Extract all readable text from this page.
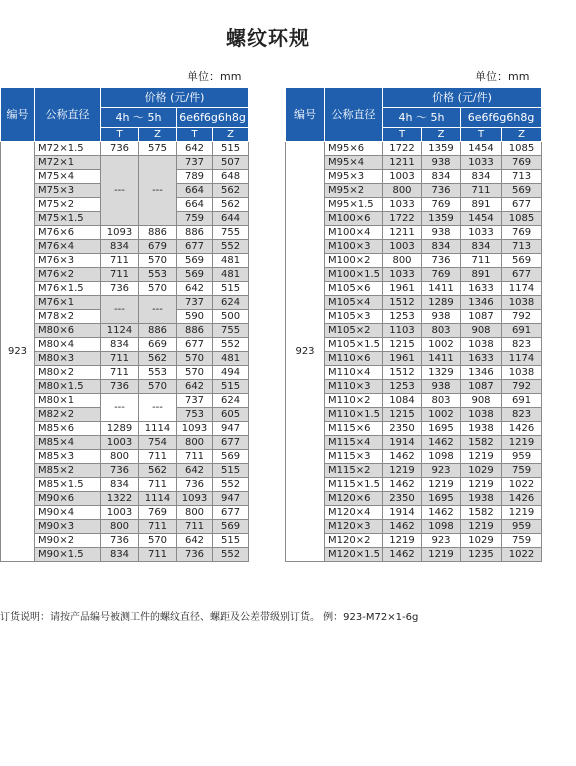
螺纹环规
单位：mm	单位：mm
编号	公称直径	价格 (元/件)			
		4h ～ 5h		6e6f6g6h8g	
		T	Z	T	Z
923	M72×1.5	736	575	642	515
	M72×1	---	---	737	507
	M75×4			789	648
	M75×3			664	562
	M75×2			664	562
	M75×1.5			759	644
	M76×6	1093	886	886	755
	M76×4	834	679	677	552
	M76×3	711	570	569	481
	M76×2	711	553	569	481
	M76×1.5	736	570	642	515
	M76×1	---	---	737	624
	M78×2			590	500
	M80×6	1124	886	886	755
	M80×4	834	669	677	552
	M80×3	711	562	570	481
	M80×2	711	553	570	494
	M80×1.5	736	570	642	515
	M80×1	---	---	737	624
	M82×2			753	605
	M85×6	1289	1114	1093	947
	M85×4	1003	754	800	677
	M85×3	800	711	711	569
	M85×2	736	562	642	515
	M85×1.5	834	711	736	552
	M90×6	1322	1114	1093	947
	M90×4	1003	769	800	677
	M90×3	800	711	711	569
	M90×2	736	570	642	515
	M90×1.5	834	711	736	552
编号	公称直径	价格 (元/件)			
		4h ～ 5h		6e6f6g6h8g	
		T	Z	T	Z
923	M95×6	1722	1359	1454	1085
	M95×4	1211	938	1033	769
	M95×3	1003	834	834	713
	M95×2	800	736	711	569
	M95×1.5	1033	769	891	677
	M100×6	1722	1359	1454	1085
	M100×4	1211	938	1033	769
	M100×3	1003	834	834	713
	M100×2	800	736	711	569
	M100×1.5	1033	769	891	677
	M105×6	1961	1411	1633	1174
	M105×4	1512	1289	1346	1038
	M105×3	1253	938	1087	792
	M105×2	1103	803	908	691
	M105×1.5	1215	1002	1038	823
	M110×6	1961	1411	1633	1174
	M110×4	1512	1329	1346	1038
	M110×3	1253	938	1087	792
	M110×2	1084	803	908	691
	M110×1.5	1215	1002	1038	823
	M115×6	2350	1695	1938	1426
	M115×4	1914	1462	1582	1219
	M115×3	1462	1098	1219	959
	M115×2	1219	923	1029	759
	M115×1.5	1462	1219	1219	1022
	M120×6	2350	1695	1938	1426
	M120×4	1914	1462	1582	1219
	M120×3	1462	1098	1219	959
	M120×2	1219	923	1029	759
	M120×1.5	1462	1219	1235	1022
订货说明：请按产品编号被测工件的螺纹直径、螺距及公差带级别订货。 例：923-M72×1-6g
